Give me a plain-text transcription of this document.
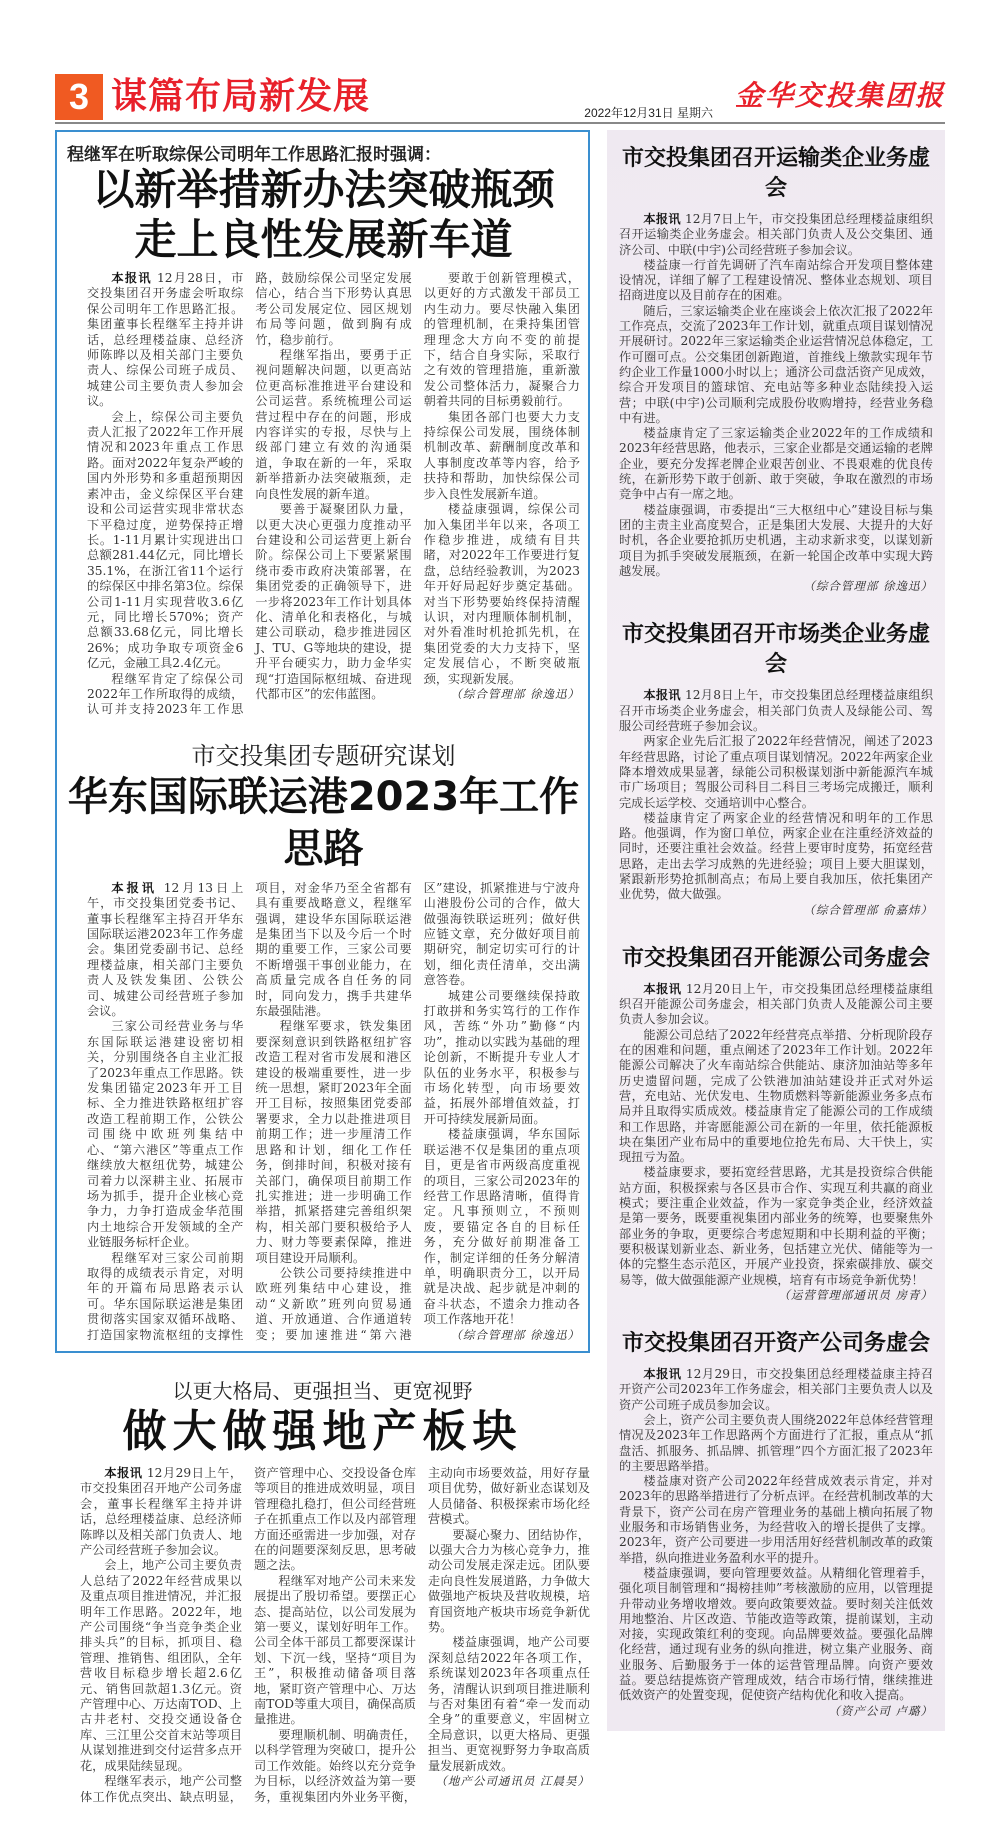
3 谋篇布局新发展	2022年12月31日 星期六
金华交投集团报
程继军在听取综保公司明年工作思路汇报时强调：
以新举措新办法突破瓶颈
走上良性发展新车道

本报讯 12月28日，市交投集团召开务虚会听取综保公司明年工作思路汇报。集团董事长程继军主持并讲话，总经理楼益康、总经济师陈晔以及相关部门主要负责人、综保公司班子成员、城建公司主要负责人参加会议。

会上，综保公司主要负责人汇报了2022年工作开展情况和2023年重点工作思路。面对2022年复杂严峻的国内外形势和多重超预期因素冲击，金义综保区平台建设和公司运营实现非常状态下平稳过度，逆势保持正增长。1-11月累计实现进出口总额281.44亿元，同比增长35.1%，在浙江省11个运行的综保区中排名第3位。综保公司1-11月实现营收3.6亿元，同比增长570%；资产总额33.68亿元，同比增长26%；成功争取专项资金6亿元，金融工具2.4亿元。

程继军肯定了综保公司2022年工作所取得的成绩，认可并支持2023年工作思路，鼓励综保公司坚定发展信心，结合当下形势认真思考公司发展定位、园区规划布局等问题，做到胸有成竹，稳步前行。

程继军指出，要勇于正视问题解决问题，以更高站位更高标准推进平台建设和公司运营。系统梳理公司运营过程中存在的问题，形成内容详实的专报，尽快与上级部门建立有效的沟通渠道，争取在新的一年，采取新举措新办法突破瓶颈，走向良性发展的新车道。

要善于凝聚团队力量，以更大决心更强力度推动平台建设和公司运营更上新台阶。综保公司上下要紧紧围绕市委市政府决策部署，在集团党委的正确领导下，进一步将2023年工作计划具体化、清单化和表格化，与城建公司联动，稳步推进园区J、TU、G等地块的建设，提升平台硬实力，助力金华实现“打造国际枢纽城、奋进现代都市区”的宏伟蓝图。

要敢于创新管理模式，以更好的方式激发干部员工内生动力。要尽快融入集团的管理机制，在秉持集团管理理念大方向不变的前提下，结合自身实际，采取行之有效的管理措施，重新激发公司整体活力，凝聚合力朝着共同的目标勇毅前行。

集团各部门也要大力支持综保公司发展，围绕体制机制改革、薪酬制度改革和人事制度改革等内容，给予扶持和帮助，加快综保公司步入良性发展新车道。

楼益康强调，综保公司加入集团半年以来，各项工作稳步推进，成绩有目共睹，对2022年工作要进行复盘，总结经验教训，为2023年开好局起好步奠定基础。对当下形势要始终保持清醒认识，对内理顺体制机制，对外看准时机抢抓先机，在集团党委的大力支持下，坚定发展信心，不断突破瓶颈，实现新发展。

（综合管理部 徐逸迅）
市交投集团专题研究谋划
华东国际联运港2023年工作思路

本报讯 12月13日上午，市交投集团党委书记、董事长程继军主持召开华东国际联运港2023年工作务虚会。集团党委副书记、总经理楼益康，相关部门主要负责人及铁发集团、公铁公司、城建公司经营班子参加会议。

三家公司经营业务与华东国际联运港建设密切相关，分别围绕各自主业汇报了2023年重点工作思路。铁发集团锚定2023年开工目标、全力推进铁路枢纽扩容改造工程前期工作，公铁公司围绕中欧班列集结中心、“第六港区”等重点工作继续放大枢纽优势，城建公司着力以深耕主业、拓展市场为抓手，提升企业核心竞争力，力争打造成金华范围内土地综合开发领域的全产业链服务标杆企业。

程继军对三家公司前期取得的成绩表示肯定，对明年的开篇布局思路表示认可。华东国际联运港是集团贯彻落实国家双循环战略、打造国家物流枢纽的支撑性项目，对金华乃至全省都有具有重要战略意义，程继军强调，建设华东国际联运港是集团当下以及今后一个时期的重要工作，三家公司要不断增强干事创业能力，在高质量完成各自任务的同时，同向发力，携手共建华东最强陆港。

程继军要求，铁发集团要深刻意识到铁路枢纽扩容改造工程对省市发展和港区建设的极端重要性，进一步统一思想，紧盯2023年全面开工目标，按照集团党委部署要求，全力以赴推进项目前期工作；进一步厘清工作思路和计划，细化工作任务，倒排时间，积极对接有关部门，确保项目前期工作扎实推进；进一步明确工作举措，抓紧搭建完善组织架构，相关部门要积极给予人力、财力等要素保障，推进项目建设开局顺利。

公铁公司要持续推进中欧班列集结中心建设，推动“义新欧”班列向贸易通道、开放通道、合作通道转变；要加速推进“第六港区”建设，抓紧推进与宁波舟山港股份公司的合作，做大做强海铁联运班列；做好供应链文章，充分做好项目前期研究，制定切实可行的计划，细化责任清单，交出满意答卷。

城建公司要继续保持敢打敢拼和务实笃行的工作作风，苦练“外功”勤修“内功”，推动以实践为基础的理论创新，不断提升专业人才队伍的业务水平，积极参与市场化转型，向市场要效益，拓展外部增值效益，打开可持续发展新局面。

楼益康强调，华东国际联运港不仅是集团的重点项目，更是省市两级高度重视的项目，三家公司2023年的经营工作思路清晰，值得肯定。凡事预则立，不预则废，要锚定各自的目标任务，充分做好前期准备工作，制定详细的任务分解清单，明确职责分工，以开局就是决战、起步就是冲刺的奋斗状态，不遗余力推动各项工作落地开花！

（综合管理部 徐逸迅）
以更大格局、更强担当、更宽视野
做大做强地产板块

本报讯 12月29日上午，市交投集团召开地产公司务虚会，董事长程继军主持并讲话，总经理楼益康、总经济师陈晔以及相关部门负责人、地产公司经营班子参加会议。

会上，地产公司主要负责人总结了2022年经营成果以及重点项目推进情况，并汇报明年工作思路。2022年，地产公司围绕“争当竞争类企业排头兵”的目标，抓项目、稳管理、推销售、组团队，全年营收目标稳步增长超2.6亿元、销售回款超1.3亿元。资产管理中心、万达南TOD、上古井老村、交投交通设备仓库、三江里公交首末站等项目从谋划推进到交付运营多点开花，成果陆续显现。

程继军表示，地产公司整体工作优点突出、缺点明显，资产管理中心、交投设备仓库等项目的推进成效明显，项目管理稳扎稳打，但公司经营班子在抓重点工作以及内部管理方面还亟需进一步加强，对存在的问题要深刻反思，思考破题之法。

程继军对地产公司未来发展提出了殷切希望。要摆正心态、提高站位，以公司发展为第一要义，谋划好明年工作。公司全体干部员工都要深谋计划、下沉一线，坚持“项目为王”，积极推动储备项目落地，紧盯资产管理中心、万达南TOD等重大项目，确保高质量推进。

要理顺机制、明确责任，以科学管理为突破口，提升公司工作效能。始终以充分竞争为目标，以经济效益为第一要务，重视集团内外业务平衡，主动向市场要效益，用好存量项目优势，做好新业态谋划及人员储备、积极探索市场化经营模式。

要凝心聚力、团结协作，以强大合力为核心竞争力，推动公司发展走深走远。团队要走向良性发展道路，力争做大做强地产板块及营收规模，培育国资地产板块市场竞争新优势。

楼益康强调，地产公司要深刻总结2022年各项工作，系统谋划2023年各项重点任务，清醒认识到项目推进顺利与否对集团有着“牵一发而动全身”的重要意义，牢固树立全局意识，以更大格局、更强担当、更宽视野努力争取高质量发展新成效。

（地产公司通讯员 江晨昊）
市交投集团召开运输类企业务虚会

本报讯 12月7日上午，市交投集团总经理楼益康组织召开运输类企业务虚会。相关部门负责人及公交集团、通济公司、中联(中宇)公司经营班子参加会议。

楼益康一行首先调研了汽车南站综合开发项目整体建设情况，详细了解了工程建设情况、整体业态规划、项目招商进度以及目前存在的困难。

随后，三家运输类企业在座谈会上依次汇报了2022年工作亮点，交流了2023年工作计划，就重点项目谋划情况开展研讨。2022年三家运输类企业运营情况总体稳定，工作可圈可点。公交集团创新跑道，首推线上缴款实现年节约企业工作量1000小时以上；通济公司盘活资产见成效，综合开发项目的篮球馆、充电站等多种业态陆续投入运营；中联(中宇)公司顺利完成股份收购增持，经营业务稳中有进。

楼益康肯定了三家运输类企业2022年的工作成绩和2023年经营思路，他表示，三家企业都是交通运输的老牌企业，要充分发挥老牌企业艰苦创业、不畏艰难的优良传统，在新形势下敢于创新、敢于突破，争取在激烈的市场竞争中占有一席之地。

楼益康强调，市委提出“三大枢纽中心”建设目标与集团的主责主业高度契合，正是集团大发展、大提升的大好时机，各企业要抢抓历史机遇，主动求新求变，以谋划新项目为抓手突破发展瓶颈，在新一轮国企改革中实现大跨越发展。

（综合管理部 徐逸迅）
市交投集团召开市场类企业务虚会

本报讯 12月8日上午，市交投集团总经理楼益康组织召开市场类企业务虚会，相关部门负责人及绿能公司、驾服公司经营班子参加会议。

两家企业先后汇报了2022年经营情况，阐述了2023年经营思路，讨论了重点项目谋划情况。2022年两家企业降本增效成果显著，绿能公司积极谋划浙中新能源汽车城市广场项目；驾服公司科目二科目三考场完成搬迁，顺利完成长运学校、交通培训中心整合。

楼益康肯定了两家企业的经营情况和明年的工作思路。他强调，作为窗口单位，两家企业在注重经济效益的同时，还要注重社会效益。经营上要审时度势，拓宽经营思路，走出去学习成熟的先进经验；项目上要大胆谋划，紧跟新形势抢抓制高点；布局上要自我加压，依托集团产业优势，做大做强。

（综合管理部 俞嘉炜）
市交投集团召开能源公司务虚会

本报讯 12月20日上午，市交投集团总经理楼益康组织召开能源公司务虚会，相关部门负责人及能源公司主要负责人参加会议。

能源公司总结了2022年经营亮点举措、分析现阶段存在的困难和问题，重点阐述了2023年工作计划。2022年能源公司解决了火车南站综合供能站、康济加油站等多年历史遗留问题，完成了公铁港加油站建设并正式对外运营，充电站、光伏发电、生物质燃料等新能源业务多点布局并且取得实质成效。楼益康肯定了能源公司的工作成绩和工作思路，并寄愿能源公司在新的一年里，依托能源板块在集团产业布局中的重要地位抢先布局、大干快上，实现扭亏为盈。

楼益康要求，要拓宽经营思路，尤其是投资综合供能站方面，积极探索与各区县市合作、实现互利共赢的商业模式；要注重企业效益，作为一家竞争类企业，经济效益是第一要务，既要重视集团内部业务的统筹，也要聚焦外部业务的争取，更要综合考虑短期和中长期利益的平衡；要积极谋划新业态、新业务，包括建立光伏、储能等为一体的完整生态示范区，开展产业投资，探索碳排放、碳交易等，做大做强能源产业规模，培育有市场竞争新优势！

（运营管理部通讯员 房青）
市交投集团召开资产公司务虚会

本报讯 12月29日，市交投集团总经理楼益康主持召开资产公司2023年工作务虚会，相关部门主要负责人以及资产公司班子成员参加会议。

会上，资产公司主要负责人围绕2022年总体经营管理情况及2023年工作思路两个方面进行了汇报，重点从“抓盘活、抓服务、抓品牌、抓管理”四个方面汇报了2023年的主要思路举措。

楼益康对资产公司2022年经营成效表示肯定，并对2023年的思路举措进行了分析点评。在经营机制改革的大背景下，资产公司在房产管理业务的基础上横向拓展了物业服务和市场销售业务，为经营收入的增长提供了支撑。2023年，资产公司要进一步用活用好经营机制改革的政策举措，纵向推进业务盈利水平的提升。

楼益康强调，要向管理要效益。从精细化管理着手，强化项目制管理和“揭榜挂帅”考核激励的应用，以管理提升带动业务增收增效。要向政策要效益。要时刻关注低效用地整治、片区改造、节能改造等政策，提前谋划，主动对接，实现政策红利的变现。向品牌要效益。要强化品牌化经营，通过现有业务的纵向推进，树立集产业服务、商业服务、后勤服务于一体的运营管理品牌。向资产要效益。要总结提炼资产管理成效，结合市场行情，继续推进低效资产的处置变现，促使资产结构优化和收入提高。

（资产公司 卢璐）
